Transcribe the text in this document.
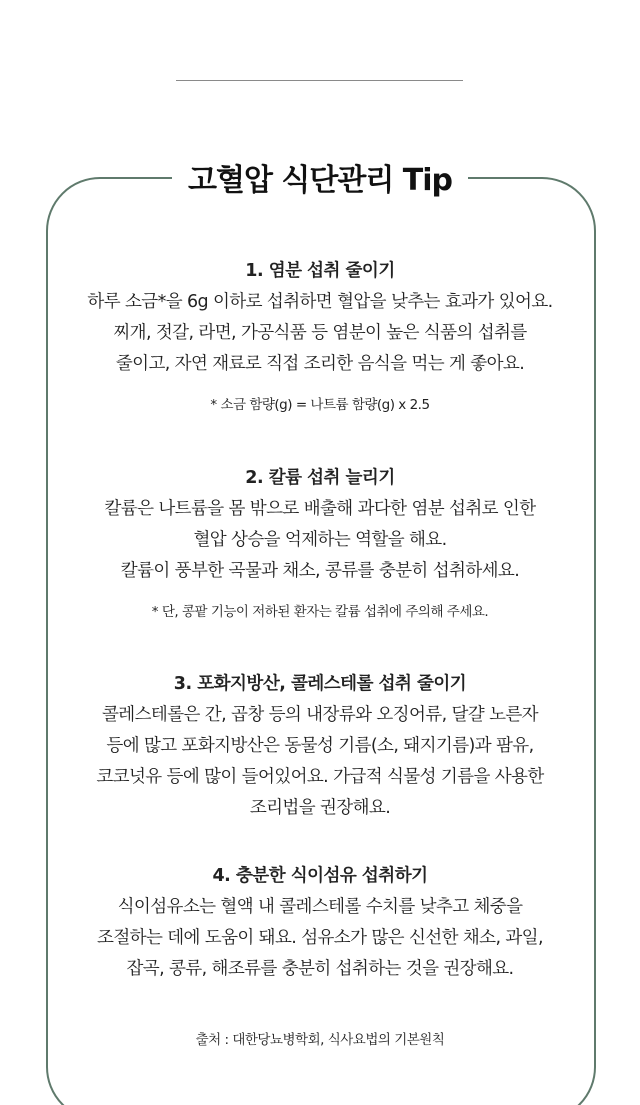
고혈압 식단관리 Tip
1. 염분 섭취 줄이기
하루 소금*을 6g 이하로 섭취하면 혈압을 낮추는 효과가 있어요.
찌개, 젓갈, 라면, 가공식품 등 염분이 높은 식품의 섭취를
줄이고, 자연 재료로 직접 조리한 음식을 먹는 게 좋아요.
* 소금 함량(g) = 나트륨 함량(g) x 2.5
2. 칼륨 섭취 늘리기
칼륨은 나트륨을 몸 밖으로 배출해 과다한 염분 섭취로 인한
혈압 상승을 억제하는 역할을 해요.
칼륨이 풍부한 곡물과 채소, 콩류를 충분히 섭취하세요.
* 단, 콩팥 기능이 저하된 환자는 칼륨 섭취에 주의해 주세요.
3. 포화지방산, 콜레스테롤 섭취 줄이기
콜레스테롤은 간, 곱창 등의 내장류와 오징어류, 달걀 노른자
등에 많고 포화지방산은 동물성 기름(소, 돼지기름)과 팜유,
코코넛유 등에 많이 들어있어요. 가급적 식물성 기름을 사용한
조리법을 권장해요.
4. 충분한 식이섬유 섭취하기
식이섬유소는 혈액 내 콜레스테롤 수치를 낮추고 체중을
조절하는 데에 도움이 돼요. 섬유소가 많은 신선한 채소, 과일,
잡곡, 콩류, 해조류를 충분히 섭취하는 것을 권장해요.
출처 : 대한당뇨병학회, 식사요법의 기본원칙
